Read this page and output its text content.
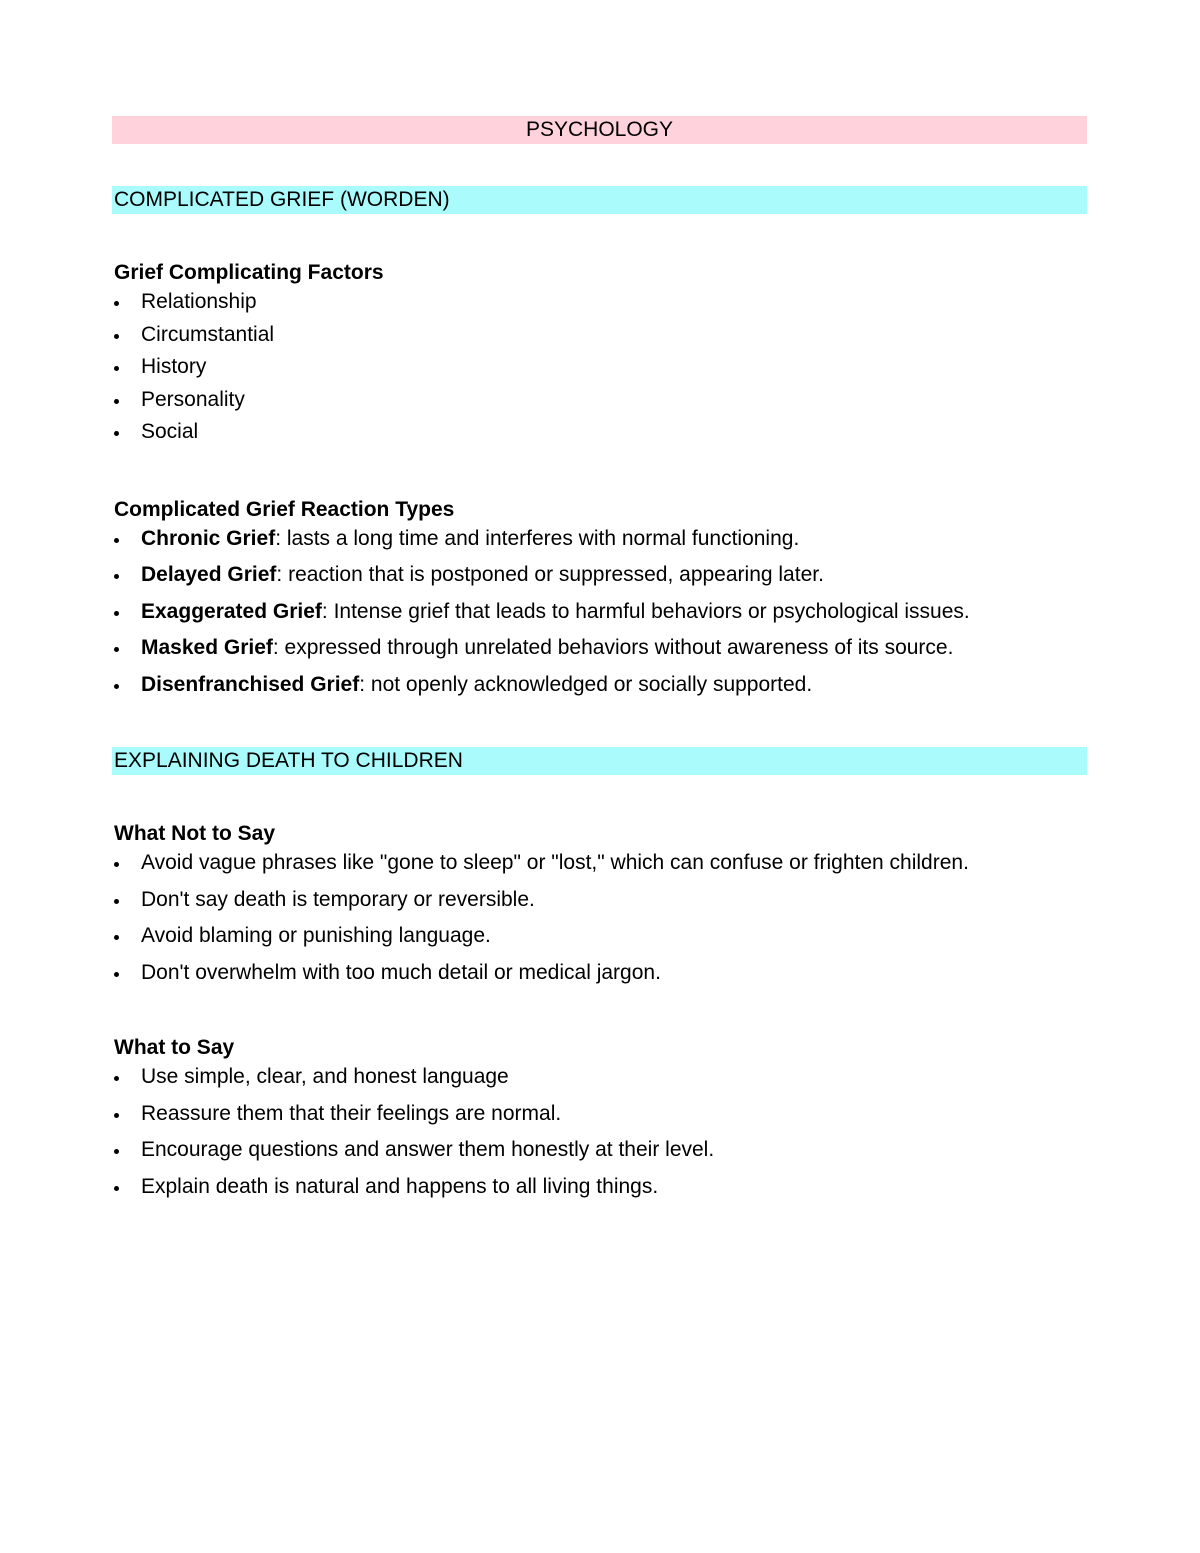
PSYCHOLOGY
COMPLICATED GRIEF (WORDEN)
Grief Complicating Factors
Relationship
Circumstantial
History
Personality
Social
Complicated Grief Reaction Types
Chronic Grief: lasts a long time and interferes with normal functioning.
Delayed Grief: reaction that is postponed or suppressed, appearing later.
Exaggerated Grief: Intense grief that leads to harmful behaviors or psychological issues.
Masked Grief: expressed through unrelated behaviors without awareness of its source.
Disenfranchised Grief: not openly acknowledged or socially supported.
EXPLAINING DEATH TO CHILDREN
What Not to Say
Avoid vague phrases like "gone to sleep" or "lost," which can confuse or frighten children.
Don't say death is temporary or reversible.
Avoid blaming or punishing language.
Don't overwhelm with too much detail or medical jargon.
What to Say
Use simple, clear, and honest language
Reassure them that their feelings are normal.
Encourage questions and answer them honestly at their level.
Explain death is natural and happens to all living things.
